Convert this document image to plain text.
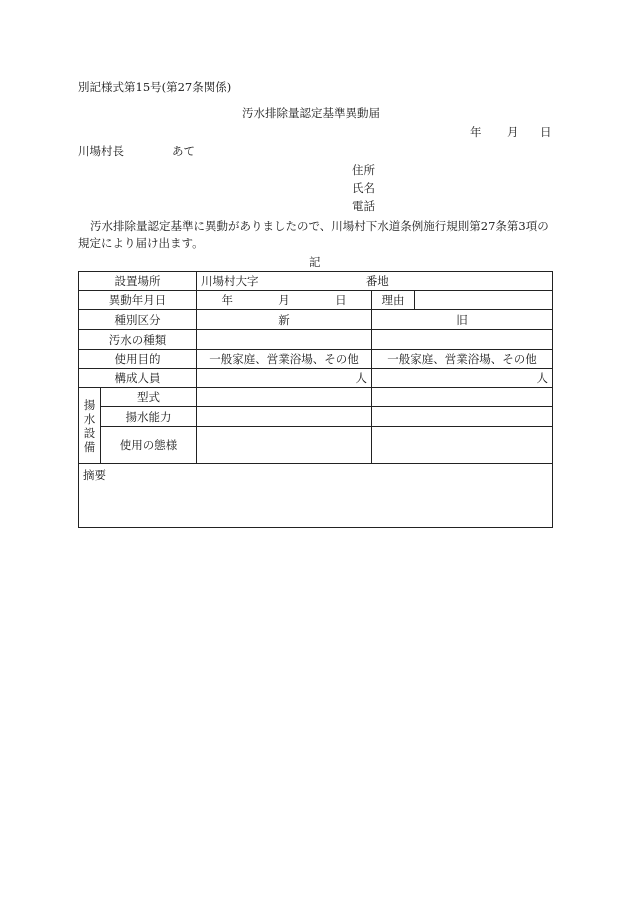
別記様式第15号(第27条関係)
汚水排除量認定基準異動届
年 月 日
川場村長	あて
住所
氏名
電話
汚水排除量認定基準に異動がありましたので、川場村下水道条例施行規則第27条第3項の
規定により届け出ます。
記
設置場所		川場村大字 番地		
異動年月日		年 月 日	理由	
種別区分		新	旧	
汚水の種類				
使用目的		一般家庭、営業浴場、その他	一般家庭、営業浴場、その他	
構成人員		人	人	

揚
水
設
備	型式			
	揚水能力			
	使用の態様			
摘要				
